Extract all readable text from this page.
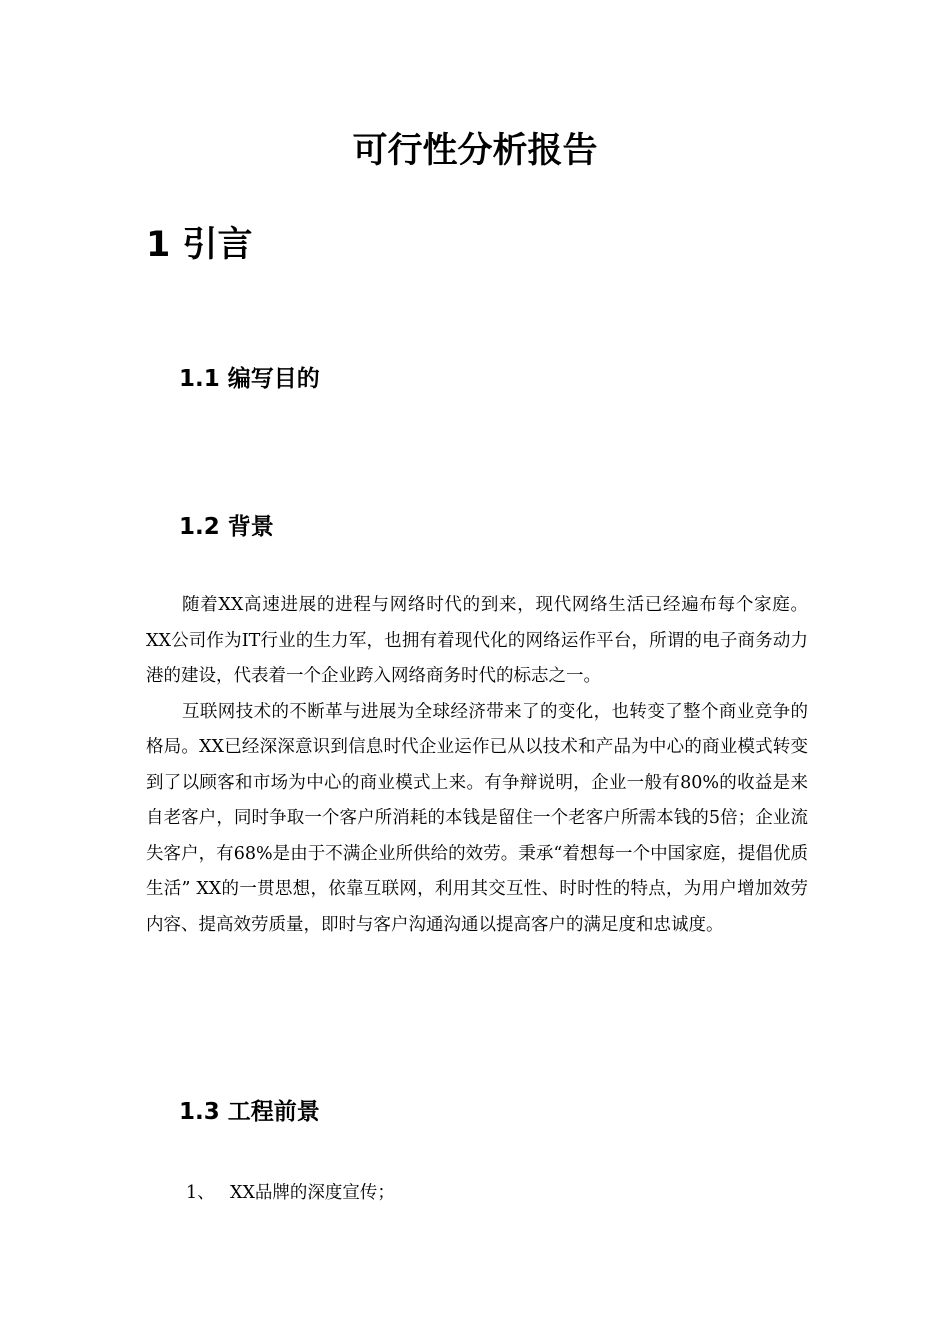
可行性分析报告
1 引言
1.1 编写目的
1.2 背景

随着XX高速进展的进程与网络时代的到来，现代网络生活已经遍布每个家庭。XX公司作为IT行业的生力军，也拥有着现代化的网络运作平台，所谓的电子商务动力港的建设，代表着一个企业跨入网络商务时代的标志之一。

互联网技术的不断革与进展为全球经济带来了的变化，也转变了整个商业竞争的格局。XX已经深深意识到信息时代企业运作已从以技术和产品为中心的商业模式转变到了以顾客和市场为中心的商业模式上来。有争辩说明，企业一般有80%的收益是来自老客户，同时争取一个客户所消耗的本钱是留住一个老客户所需本钱的5倍；企业流失客户，有68%是由于不满企业所供给的效劳。秉承“着想每一个中国家庭，提倡优质生活” XX的一贯思想，依靠互联网，利用其交互性、时时性的特点，为用户增加效劳内容、提高效劳质量，即时与客户沟通沟通以提高客户的满足度和忠诚度。

1.3 工程前景
1、 XX品牌的深度宣传；
